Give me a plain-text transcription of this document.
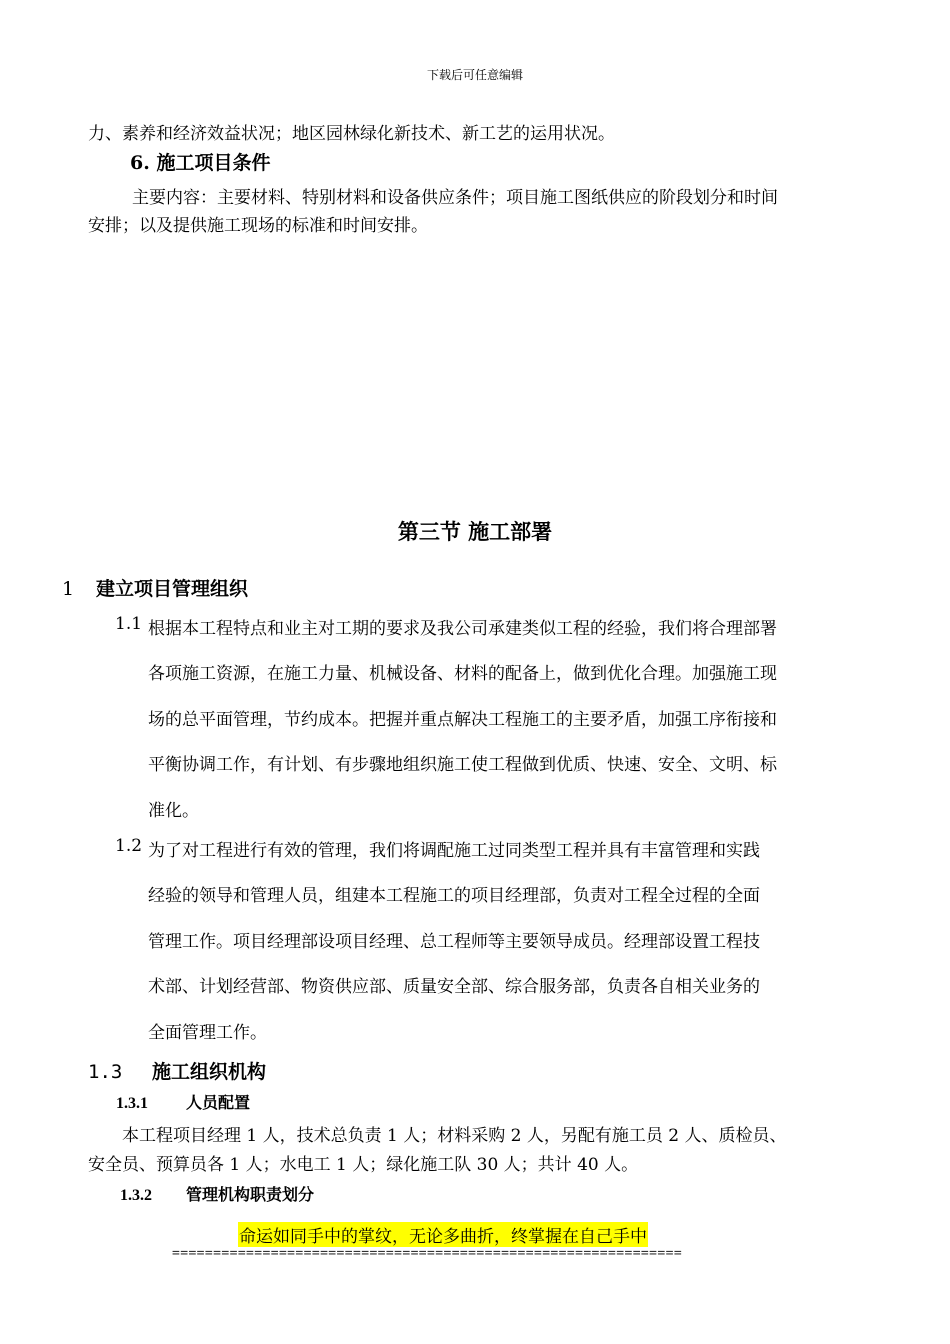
下载后可任意编辑
力、素养和经济效益状况；地区园林绿化新技术、新工艺的运用状况。
6. 施工项目条件
主要内容：主要材料、特别材料和设备供应条件；项目施工图纸供应的阶段划分和时间
安排；以及提供施工现场的标准和时间安排。
第三节 施工部署
1 建立项目管理组织
1.1 根据本工程特点和业主对工期的要求及我公司承建类似工程的经验，我们将合理部署
各项施工资源，在施工力量、机械设备、材料的配备上，做到优化合理。加强施工现
场的总平面管理，节约成本。把握并重点解决工程施工的主要矛盾，加强工序衔接和
平衡协调工作，有计划、有步骤地组织施工使工程做到优质、快速、安全、文明、标
准化。
1.2 为了对工程进行有效的管理，我们将调配施工过同类型工程并具有丰富管理和实践
经验的领导和管理人员，组建本工程施工的项目经理部，负责对工程全过程的全面
管理工作。项目经理部设项目经理、总工程师等主要领导成员。经理部设置工程技
术部、计划经营部、物资供应部、质量安全部、综合服务部，负责各自相关业务的
全面管理工作。
1.3 施工组织机构
1.3.1 人员配置
本工程项目经理 1 人，技术总负责 1 人；材料采购 2 人，另配有施工员 2 人、质检员、
安全员、预算员各 1 人；水电工 1 人；绿化施工队 30 人；共计 40 人。
1.3.2 管理机构职责划分
命运如同手中的掌纹，无论多曲折，终掌握在自己手中
==============================================================
